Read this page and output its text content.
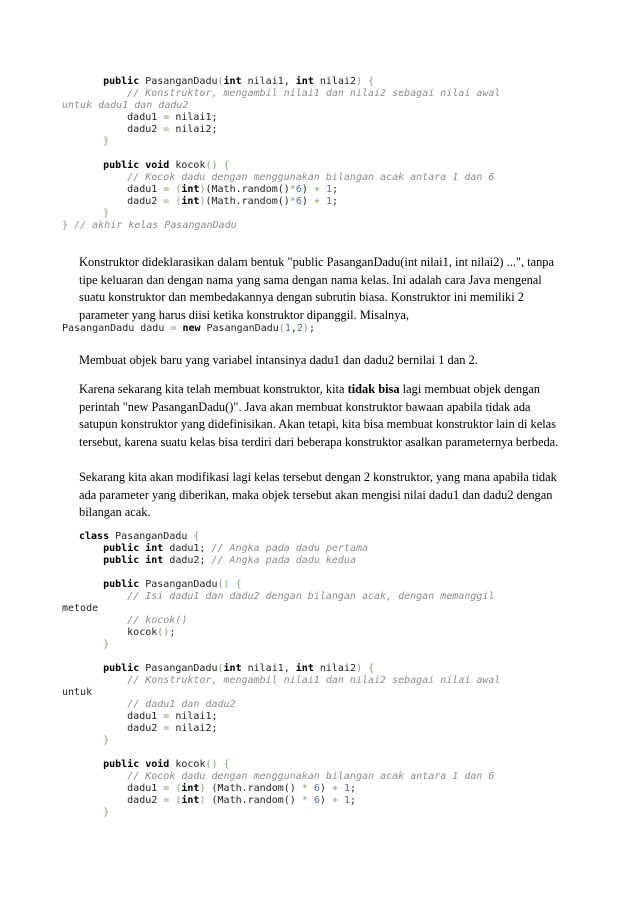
public PasanganDadu(int nilai1, int nilai2) {
// Konstruktor, mengambil nilai1 dan nilai2 sebagai nilai awal
untuk dadu1 dan dadu2
dadu1 = nilai1;
dadu2 = nilai2;
}
public void kocok() {
// Kocok dadu dengan menggunakan bilangan acak antara 1 dan 6
dadu1 = (int)(Math.random()*6) + 1;
dadu2 = (int)(Math.random()*6) + 1;
}
} // akhir kelas PasanganDadu

Konstruktor dideklarasikan dalam bentuk "public PasanganDadu(int nilai1, int nilai2) ...", tanpa tipe keluaran dan dengan nama yang sama dengan nama kelas. Ini adalah cara Java mengenal suatu konstruktor dan membedakannya dengan subrutin biasa. Konstruktor ini memiliki 2 parameter yang harus diisi ketika konstruktor dipanggil. Misalnya,

PasanganDadu dadu = new PasanganDadu(1,2);

Membuat objek baru yang variabel intansinya dadu1 dan dadu2 bernilai 1 dan 2.

Karena sekarang kita telah membuat konstruktor, kita tidak bisa lagi membuat objek dengan perintah "new PasanganDadu()". Java akan membuat konstruktor bawaan apabila tidak ada satupun konstruktor yang didefinisikan. Akan tetapi, kita bisa membuat konstruktor lain di kelas tersebut, karena suatu kelas bisa terdiri dari beberapa konstruktor asalkan parameternya berbeda.

Sekarang kita akan modifikasi lagi kelas tersebut dengan 2 konstruktor, yang mana apabila tidak ada parameter yang diberikan, maka objek tersebut akan mengisi nilai dadu1 dan dadu2 dengan bilangan acak.

class PasanganDadu {
public int dadu1; // Angka pada dadu pertama
public int dadu2; // Angka pada dadu kedua
public PasanganDadu() {
// Isi dadu1 dan dadu2 dengan bilangan acak, dengan memanggil
metode
// kocok()
kocok();
}
public PasanganDadu(int nilai1, int nilai2) {
// Konstruktor, mengambil nilai1 dan nilai2 sebagai nilai awal
untuk
// dadu1 dan dadu2
dadu1 = nilai1;
dadu2 = nilai2;
}
public void kocok() {
// Kocok dadu dengan menggunakan bilangan acak antara 1 dan 6
dadu1 = (int) (Math.random() * 6) + 1;
dadu2 = (int) (Math.random() * 6) + 1;
}
